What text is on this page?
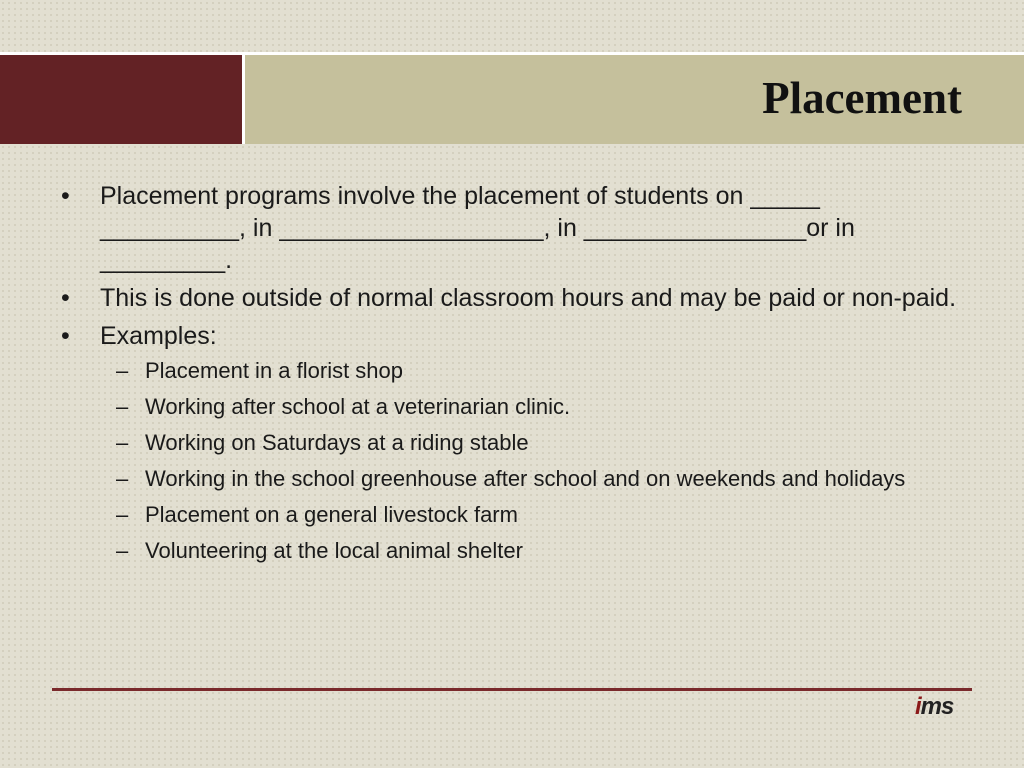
Placement
• Placement programs involve the placement of students on _____ __________, in ___________________, in ________________or in _________.
• This is done outside of normal classroom hours and may be paid or non-paid.
• Examples:
– Placement in a florist shop
– Working after school at a veterinarian clinic.
– Working on Saturdays at a riding stable
– Working in the school greenhouse after school and on weekends and holidays
– Placement on a general livestock farm
– Volunteering at the local animal shelter
ims
